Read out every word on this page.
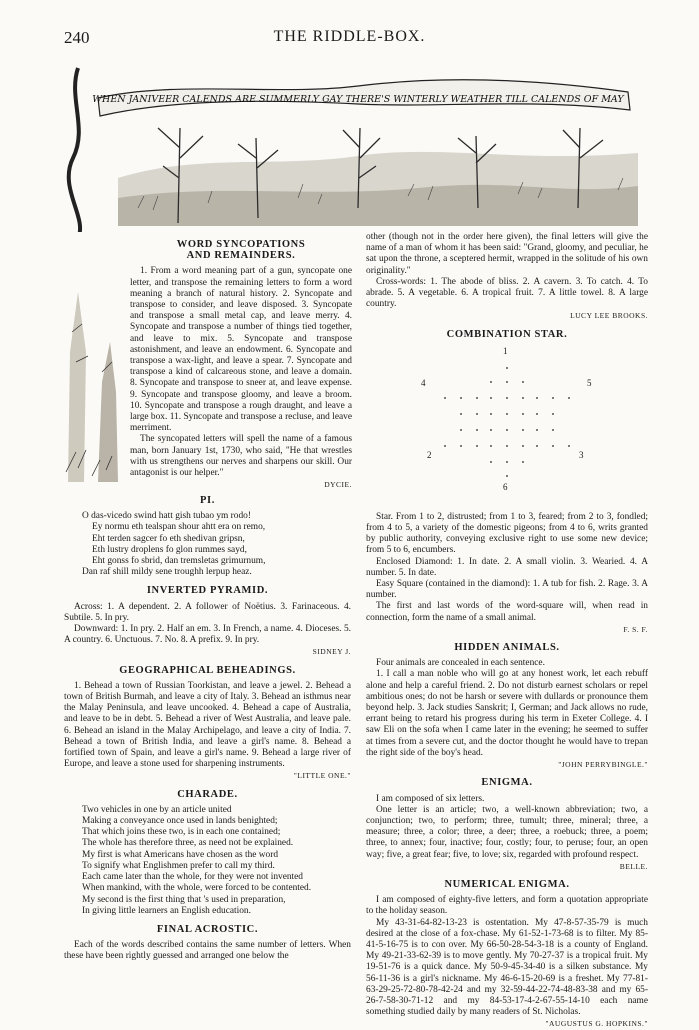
240	THE RIDDLE-BOX.
WHEN JANIVEER CALENDS ARE SUMMERLY GAY THERE'S WINTERLY WEATHER TILL CALENDS OF MAY
WORD SYNCOPATIONS
AND REMAINDERS.

1. From a word meaning part of a gun, syncopate one letter, and transpose the remaining letters to form a word meaning a branch of natural history. 2. Syncopate and transpose to consider, and leave disposed. 3. Syncopate and transpose a small metal cap, and leave merry. 4. Syncopate and transpose a number of things tied together, and leave to mix. 5. Syncopate and transpose astonishment, and leave an endowment. 6. Syncopate and transpose a wax-light, and leave a spear. 7. Syncopate and transpose a kind of calcareous stone, and leave a domain. 8. Syncopate and transpose to sneer at, and leave expense. 9. Syncopate and transpose gloomy, and leave a broom. 10. Syncopate and transpose a rough draught, and leave a large box. 11. Syncopate and transpose a recluse, and leave merriment.

The syncopated letters will spell the name of a famous man, born January 1st, 1730, who said, "He that wrestles with us strengthens our nerves and sharpens our skill. Our antagonist is our helper."

DYCIE.
PI.

O das-vicedo swind hatt gish tubao ym rodo!

Ey normu eth tealspan shour ahtt era on remo,

Eht terden sagcer fo eth shedivan gripsn,

Eth lustry droplens fo glon rummes sayd,

Eht gonss fo sbrid, dan tremsletas grimurnum,

Dan raf shill mildy sene troughh lerpup heaz.

INVERTED PYRAMID.

Across: 1. A dependent. 2. A follower of Noëtius. 3. Farinaceous. 4. Subtile. 5. In pry.

Downward: 1. In pry. 2. Half an em. 3. In French, a name. 4. Dioceses. 5. A country. 6. Unctuous. 7. No. 8. A prefix. 9. In pry.

SIDNEY J.
GEOGRAPHICAL BEHEADINGS.

1. Behead a town of Russian Toorkistan, and leave a jewel. 2. Behead a town of British Burmah, and leave a city of Italy. 3. Behead an isthmus near the Malay Peninsula, and leave uncooked. 4. Behead a cape of Australia, and leave to be in debt. 5. Behead a river of West Australia, and leave pale. 6. Behead an island in the Malay Archipelago, and leave a city of India. 7. Behead a town of British India, and leave a girl's name. 8. Behead a fortified town of Spain, and leave a girl's name. 9. Behead a large river of Europe, and leave a stone used for sharpening instruments.

"LITTLE ONE."
CHARADE.

Two vehicles in one by an article united

Making a conveyance once used in lands benighted;

That which joins these two, is in each one contained;

The whole has therefore three, as need not be explained.

My first is what Americans have chosen as the word

To signify what Englishmen prefer to call my third.

Each came later than the whole, for they were not invented

When mankind, with the whole, were forced to be contented.

My second is the first thing that 's used in preparation,

In giving little learners an English education.

FINAL ACROSTIC.

Each of the words described contains the same number of letters. When these have been rightly guessed and arranged one below the

other (though not in the order here given), the final letters will give the name of a man of whom it has been said: "Grand, gloomy, and peculiar, he sat upon the throne, a sceptered hermit, wrapped in the solitude of his own originality."

Cross-words: 1. The abode of bliss. 2. A cavern. 3. To catch. 4. To abrade. 5. A vegetable. 6. A tropical fruit. 7. A little towel. 8. A large country.

LUCY LEE BROOKS.
COMBINATION STAR.
1
4	5
2	3
6

Star. From 1 to 2, distrusted; from 1 to 3, feared; from 2 to 3, fondled; from 4 to 5, a variety of the domestic pigeons; from 4 to 6, writs granted by public authority, conveying exclusive right to use some new device; from 5 to 6, encumbers.

Enclosed Diamond: 1. In date. 2. A small violin. 3. Wearied. 4. A number. 5. In date.

Easy Square (contained in the diamond): 1. A tub for fish. 2. Rage. 3. A number.

The first and last words of the word-square will, when read in connection, form the name of a small animal.

F. S. F.
HIDDEN ANIMALS.

Four animals are concealed in each sentence.

1. I call a man noble who will go at any honest work, let each rebuff alone and help a careful friend. 2. Do not disturb earnest scholars or repel ambitious ones; do not be harsh or severe with dullards or pronounce them beyond help. 3. Jack studies Sanskrit; I, German; and Jack allows no rude, errant being to retard his progress during his term in Exeter College. 4. I saw Eli on the sofa when I came later in the evening; he seemed to suffer at times from a severe cut, and the doctor thought he would have to trepan the right side of the boy's head.

"JOHN PERRYBINGLE."
ENIGMA.

I am composed of six letters.

One letter is an article; two, a well-known abbreviation; two, a conjunction; two, to perform; three, tumult; three, mineral; three, a measure; three, a color; three, a deer; three, a roebuck; three, a poem; three, to annex; four, inactive; four, costly; four, to peruse; four, an open way; five, a great fear; five, to love; six, regarded with profound respect.

BELLE.
NUMERICAL ENIGMA.

I am composed of eighty-five letters, and form a quotation appropriate to the holiday season.

My 43-31-64-82-13-23 is ostentation. My 47-8-57-35-79 is much desired at the close of a fox-chase. My 61-52-1-73-68 is to filter. My 85-41-5-16-75 is to con over. My 66-50-28-54-3-18 is a county of England. My 49-21-33-62-39 is to move gently. My 70-27-37 is a tropical fruit. My 19-51-76 is a quick dance. My 50-9-45-34-40 is a silken substance. My 56-11-36 is a girl's nickname. My 46-6-15-20-69 is a freshet. My 77-81-63-29-25-72-80-78-42-24 and my 32-59-44-22-74-48-83-38 and my 65-26-7-58-30-71-12 and my 84-53-17-4-2-67-55-14-10 each name something studied daily by many readers of St. Nicholas.

"AUGUSTUS G. HOPKINS."
